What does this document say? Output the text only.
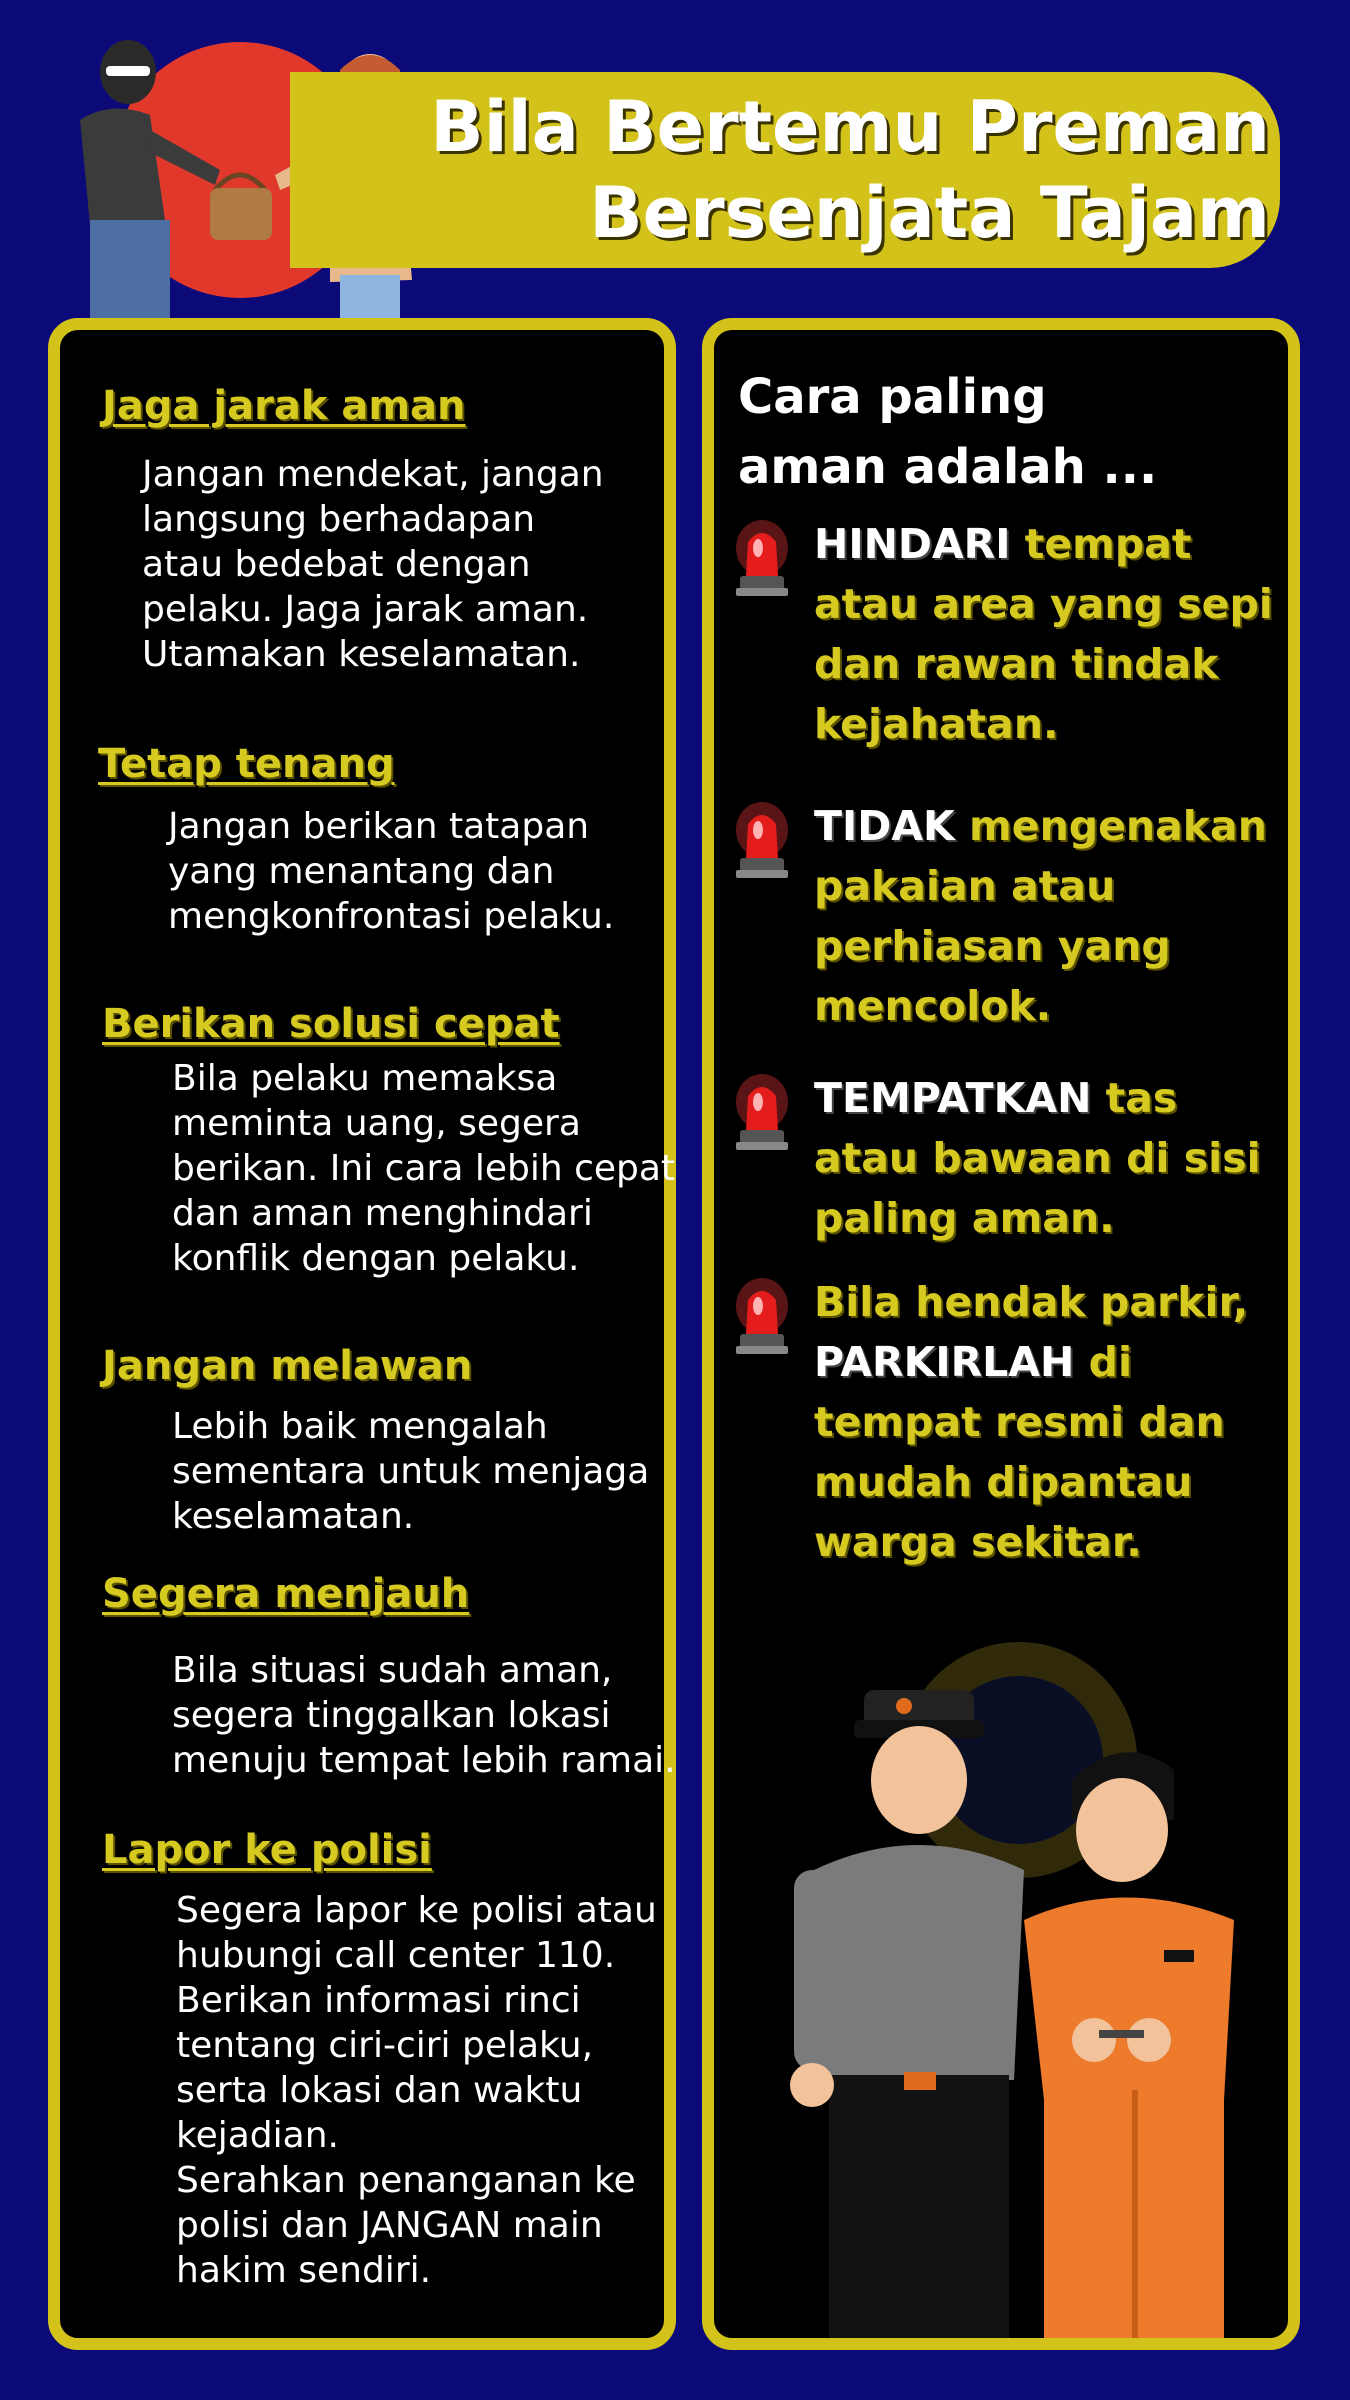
Bila Bertemu Preman
Bersenjata Tajam
Jaga jarak aman
Jangan mendekat, jangan
langsung berhadapan
atau bedebat dengan
pelaku. Jaga jarak aman.
Utamakan keselamatan.
Tetap tenang
Jangan berikan tatapan
yang menantang dan
mengkonfrontasi pelaku.
Berikan solusi cepat
Bila pelaku memaksa
meminta uang, segera
berikan. Ini cara lebih cepat
dan aman menghindari
konflik dengan pelaku.
Jangan melawan
Lebih baik mengalah
sementara untuk menjaga
keselamatan.
Segera menjauh
Bila situasi sudah aman,
segera tinggalkan lokasi
menuju tempat lebih ramai.
Lapor ke polisi
Segera lapor ke polisi atau
hubungi call center 110.
Berikan informasi rinci
tentang ciri-ciri pelaku,
serta lokasi dan waktu
kejadian.
Serahkan penanganan ke
polisi dan JANGAN main
hakim sendiri.
Cara paling
aman adalah ...
HINDARI tempat atau area yang sepi dan rawan tindak kejahatan.
TIDAK mengenakan pakaian atau perhiasan yang mencolok.
TEMPATKAN tas atau bawaan di sisi paling aman.
Bila hendak parkir, PARKIRLAH di tempat resmi dan mudah dipantau warga sekitar.
